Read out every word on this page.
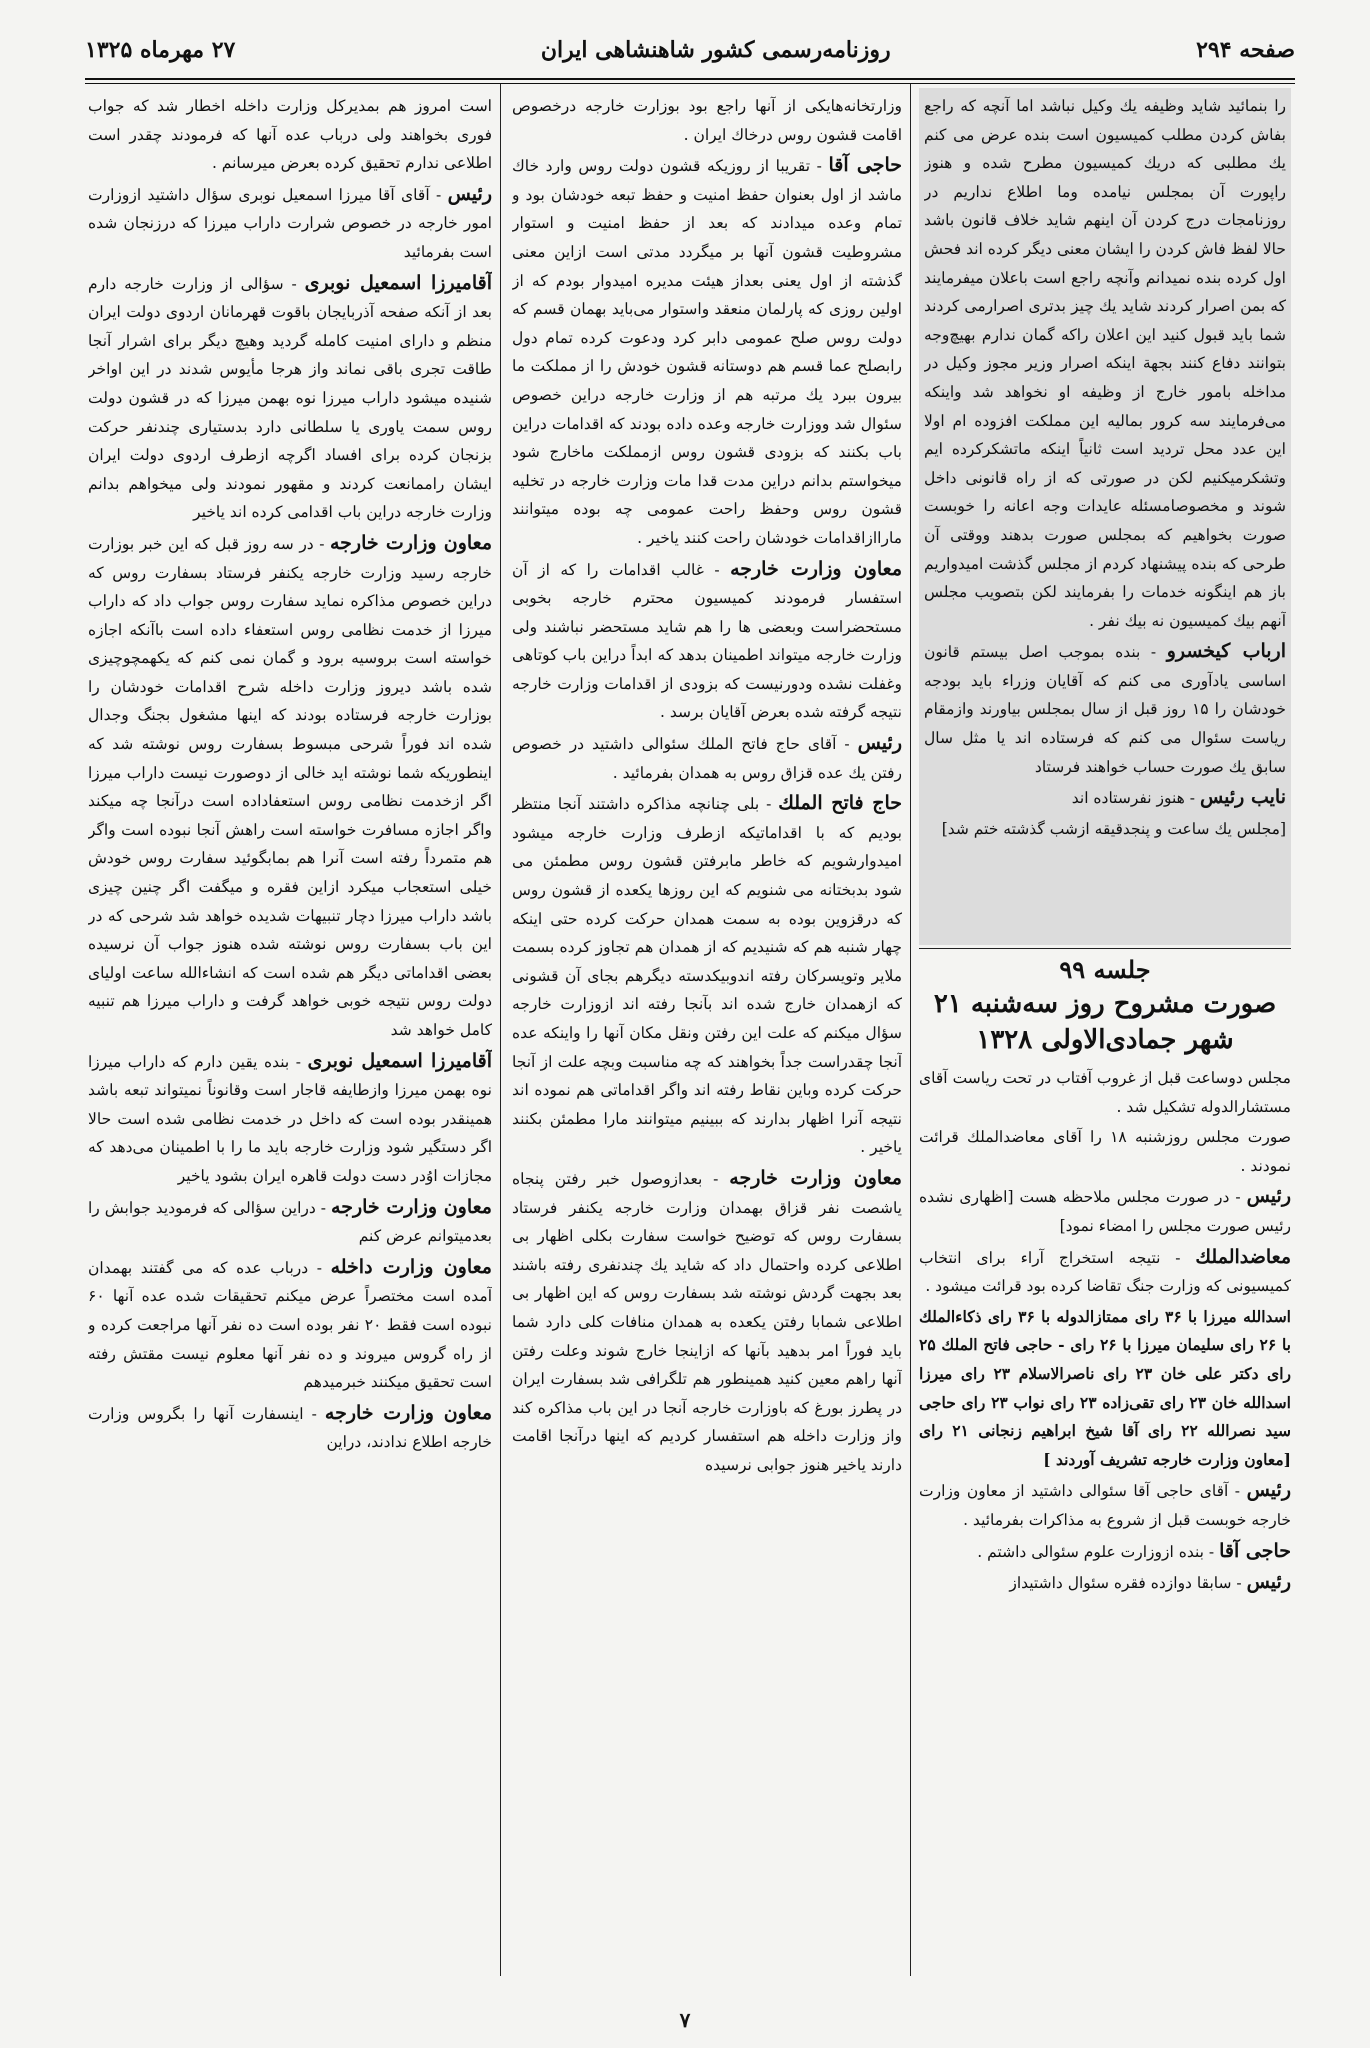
صفحه ۲۹۴
روزنامه‌رسمی کشور شاهنشاهی ایران
۲۷ مهرماه ۱۳۲۵

را بنمائید شاید وظیفه یك وکیل نباشد اما آنچه که راجع بفاش کردن مطلب کمیسیون است بنده عرض می کنم یك مطلبی که دریك کمیسیون مطرح شده و هنوز راپورت آن بمجلس نیامده وما اطلاع نداریم در روزنامجات درج کردن آن اینهم شاید خلاف قانون باشد حالا لفظ فاش کردن را ایشان معنی دیگر کرده اند فحش اول کرده بنده نمیدانم وآنچه راجع است باعلان میفرمایند که بمن اصرار کردند شاید یك چیز بدتری اصرارمی کردند شما باید قبول کنید این اعلان راکه گمان ندارم بهیچ‌وجه بتوانند دفاع کنند بجهة اینکه اصرار وزیر مجوز وکیل در مداخله بامور خارج از وظیفه او نخواهد شد واینکه می‌فرمایند سه کرور بمالیه این مملکت افزوده ام اولا این عدد محل تردید است ثانیاً اینکه ماتشکرکرده ایم وتشکرمیکنیم لکن در صورتی که از راه قانونی داخل شوند و مخصوصامسئله عایدات وجه اعانه را خوبست صورت بخواهیم که بمجلس صورت بدهند ووقتی آن طرحی که بنده پیشنهاد کردم از مجلس گذشت امیدواریم باز هم اینگونه خدمات را بفرمایند لکن بتصویب مجلس آنهم بیك کمیسیون نه بیك نفر .

ارباب کیخسرو - بنده بموجب اصل بیستم قانون اساسی یادآوری می کنم که آقایان وزراء باید بودجه خودشان را ۱۵ روز قبل از سال بمجلس بیاورند وازمقام ریاست سئوال می کنم که فرستاده اند یا مثل سال سابق یك صورت حساب خواهند فرستاد

نایب رئیس - هنوز نفرستاده اند

[مجلس یك ساعت و پنجدقیقه ازشب گذشته ختم شد]

وزارتخانه‌هایکی از آنها راجع بود بوزارت خارجه درخصوص اقامت قشون روس درخاك ایران .

حاجی آقا - تقریبا از روزیکه قشون دولت روس وارد خاك ماشد از اول بعنوان حفظ امنیت و حفظ تبعه خودشان بود و تمام وعده میدادند که بعد از حفظ امنیت و استوار مشروطیت قشون آنها بر میگردد مدتی است ازاین معنی گذشته از اول یعنی بعداز هیئت مدیره امیدوار بودم که از اولین روزی که پارلمان منعقد واستوار می‌باید بهمان قسم که دولت روس صلح عمومی دابر کرد ودعوت کرده تمام دول رابصلح عما قسم هم دوستانه قشون خودش را از مملکت ما بیرون ببرد یك مرتبه هم از وزارت خارجه دراین خصوص سئوال شد ووزارت خارجه وعده داده بودند که اقدامات دراین باب بکنند که بزودی قشون روس ازمملکت ماخارج شود میخواستم بدانم دراین مدت قدا مات وزارت خارجه در تخلیه قشون روس وحفظ راحت عمومی چه بوده میتوانند ماراازاقدامات خودشان راحت کنند یاخیر .

معاون وزارت خارجه - غالب اقدامات را که از آن استفسار فرمودند کمیسیون محترم خارجه بخوبی مستحضراست وبعضی ها را هم شاید مستحضر نباشند ولی وزارت خارجه میتواند اطمینان بدهد که ابداً دراین باب کوتاهی وغفلت نشده ودورنیست که بزودی از اقدامات وزارت خارجه نتیجه گرفته شده بعرض آقایان برسد .

رئیس - آقای حاج فاتح الملك سئوالی داشتید در خصوص رفتن یك عده قزاق روس به همدان بفرمائید .

حاج فاتح الملك - بلی چنانچه مذاکره داشتند آنجا منتظر بودیم که با اقداماتیکه ازطرف وزارت خارجه میشود امیدوارشویم که خاطر مابرفتن قشون روس مطمئن می شود بدبختانه می شنویم که این روزها یکعده از قشون روس که درقزوین بوده به سمت همدان حرکت کرده حتی اینکه چهار شنبه هم که شنیدیم که از همدان هم تجاوز کرده بسمت ملایر وتویسرکان رفته اندوبیکدسته دیگرهم بجای آن قشونی که ازهمدان خارج شده اند بآنجا رفته اند ازوزارت خارجه سؤال میکنم که علت این رفتن ونقل مکان آنها را واینکه عده آنجا چقدراست جداً بخواهند که چه مناسبت وبچه علت از آنجا حرکت کرده وباین نقاط رفته اند واگر اقداماتی هم نموده اند نتیجه آنرا اظهار بدارند که ببینیم میتوانند مارا مطمئن بکنند یاخیر .

معاون وزارت خارجه - بعدازوصول خبر رفتن پنجاه یاشصت نفر قزاق بهمدان وزارت خارجه یکنفر فرستاد بسفارت روس که توضیح خواست سفارت بکلی اظهار بی اطلاعی کرده واحتمال داد که شاید یك چندنفری رفته باشند بعد بجهت گردش نوشته شد بسفارت روس که این اظهار بی اطلاعی شمابا رفتن یکعده به همدان منافات کلی دارد شما باید فوراً امر بدهید بآنها که ازاینجا خارج شوند وعلت رفتن آنها راهم معین کنید همینطور هم تلگرافی شد بسفارت ایران در پطرز بورغ که باوزارت خارجه آنجا در این باب مذاکره کند واز وزارت داخله هم استفسار کردیم که اینها درآنجا اقامت دارند یاخیر هنوز جوابی نرسیده

است امروز هم بمدیرکل وزارت داخله اخطار شد که جواب فوری بخواهند ولی درباب عده آنها که فرمودند چقدر است اطلاعی ندارم تحقیق کرده بعرض میرسانم .

رئیس - آقای آقا میرزا اسمعیل نوبری سؤال داشتید ازوزارت امور خارجه در خصوص شرارت داراب میرزا که درزنجان شده است بفرمائید

آقامیرزا اسمعیل نوبری - سؤالی از وزارت خارجه دارم بعد از آنکه صفحه آذربایجان باقوت قهرمانان اردوی دولت ایران منظم و دارای امنیت کامله گردید وهیچ دیگر برای اشرار آنجا طاقت تجری باقی نماند واز هرجا مأیوس شدند در این اواخر شنیده میشود داراب میرزا نوه بهمن میرزا که در قشون دولت روس سمت یاوری یا سلطانی دارد بدستیاری چندنفر حرکت بزنجان کرده برای افساد اگرچه ازطرف اردوی دولت ایران ایشان راممانعت کردند و مقهور نمودند ولی میخواهم بدانم وزارت خارجه دراین باب اقدامی کرده اند یاخیر

معاون وزارت خارجه - در سه روز قبل که این خبر بوزارت خارجه رسید وزارت خارجه یکنفر فرستاد بسفارت روس که دراین خصوص مذاکره نماید سفارت روس جواب داد که داراب میرزا از خدمت نظامی روس استعفاء داده است باآنکه اجازه خواسته است بروسیه برود و گمان نمی کنم که یکهمچوچیزی شده باشد دیروز وزارت داخله شرح اقدامات خودشان را بوزارت خارجه فرستاده بودند که اینها مشغول بجنگ وجدال شده اند فوراً شرحی مبسوط بسفارت روس نوشته شد که اینطوریکه شما نوشته اید خالی از دوصورت نیست داراب میرزا اگر ازخدمت نظامی روس استعفاداده است درآنجا چه میکند واگر اجازه مسافرت خواسته است راهش آنجا نبوده است واگر هم متمرداً رفته است آنرا هم بمابگوئید سفارت روس خودش خیلی استعجاب میکرد ازاین فقره و میگفت اگر چنین چیزی باشد داراب میرزا دچار تنبیهات شدیده خواهد شد شرحی که در این باب بسفارت روس نوشته شده هنوز جواب آن نرسیده بعضی اقداماتی دیگر هم شده است که انشاءالله ساعت اولیای دولت روس نتیجه خوبی خواهد گرفت و داراب میرزا هم تنبیه کامل خواهد شد

آقامیرزا اسمعیل نوبری - بنده یقین دارم که داراب میرزا نوه بهمن میرزا وازطایفه قاجار است وقانوناً نمیتواند تبعه باشد همینقدر بوده است که داخل در خدمت نظامی شده است حالا اگر دستگیر شود وزارت خارجه باید ما را با اطمینان می‌دهد که مجازات اوُدر دست دولت قاهره ایران بشود یاخیر

معاون وزارت خارجه - دراین سؤالی که فرمودید جوابش را بعدمیتوانم عرض کنم

معاون وزارت داخله - درباب عده که می گفتند بهمدان آمده است مختصراً عرض میکنم تحقیقات شده عده آنها ۶۰ نبوده است فقط ۲۰ نفر بوده است ده نفر آنها مراجعت کرده و از راه گروس میروند و ده نفر آنها معلوم نیست مقتش رفته است تحقیق میکنند خبرمیدهم

معاون وزارت خارجه - اینسفارت آنها را بگروس وزارت خارجه اطلاع ندادند، دراین

جلسه ۹۹
صورت مشروح روز سه‌شنبه ۲۱ شهر جمادی‌الاولی ۱۳۲۸

مجلس دوساعت قبل از غروب آفتاب در تحت ریاست آقای مستشارالدوله تشکیل شد .

صورت مجلس روزشنبه ۱۸ را آقای معاضدالملك قرائت نمودند .

رئیس - در صورت مجلس ملاحظه هست [اظهاری نشده رئیس صورت مجلس را امضاء نمود]

معاضدالملك - نتیجه استخراج آراء برای انتخاب کمیسیونی که وزارت جنگ تقاضا کرده بود قرائت میشود .

اسدالله میرزا با ۳۶ رای ممتازالدوله با ۳۶ رای ذکاءالملك با ۲۶ رای سلیمان میرزا با ۲۶ رای - حاجی فاتح الملك ۲۵ رای دکتر علی خان ۲۳ رای ناصرالاسلام ۲۳ رای میرزا اسدالله خان ۲۳ رای تقی‌زاده ۲۳ رای نواب ۲۳ رای حاجی سید نصرالله ۲۲ رای آقا شیخ ابراهیم زنجانی ۲۱ رای [معاون وزارت خارجه تشریف آوردند ]

رئیس - آقای حاجی آقا سئوالی داشتید از معاون وزارت خارجه خوبست قبل از شروع به مذاکرات بفرمائید .

حاجی آقا - بنده ازوزارت علوم سئوالی داشتم .

رئیس - سابقا دوازده فقره سئوال داشتیداز

۷
